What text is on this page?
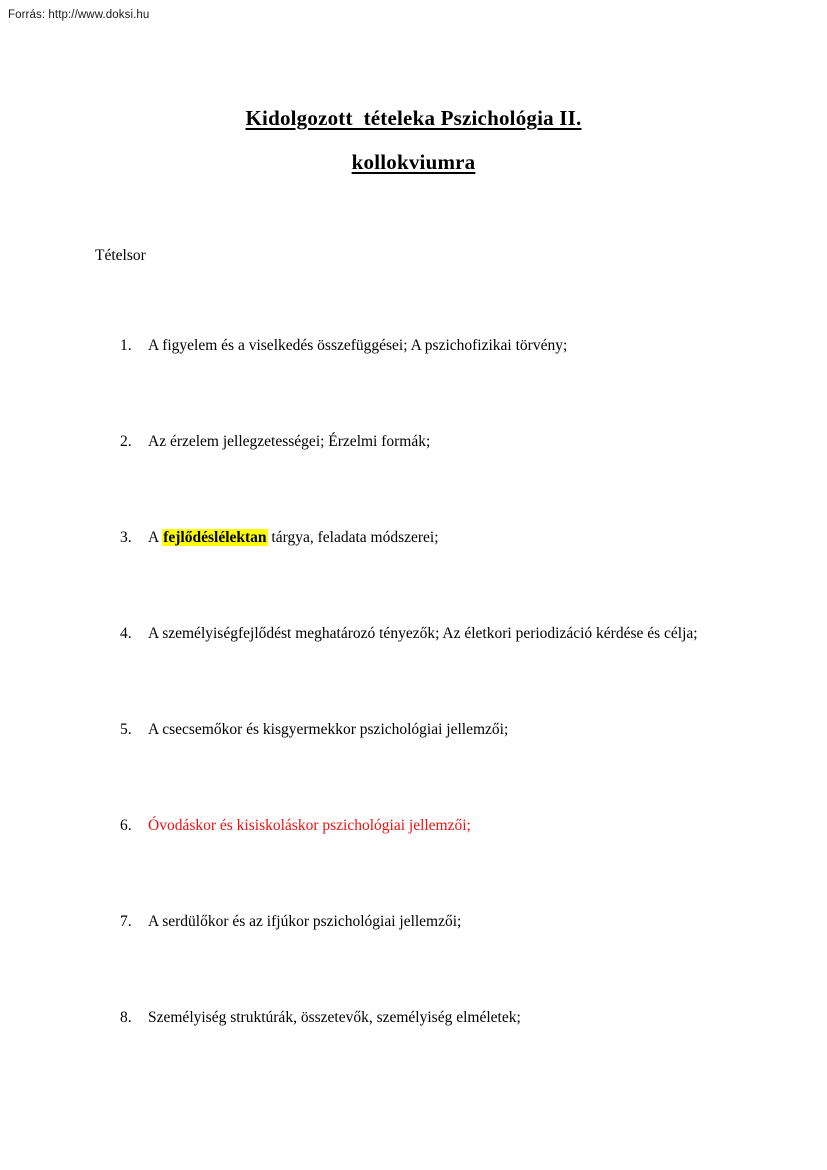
Forrás: http://www.doksi.hu
Kidolgozott  tételeka Pszichológia II.
kollokviumra
Tételsor
1.	A figyelem és a viselkedés összefüggései; A pszichofizikai törvény;
2.	Az érzelem jellegzetességei; Érzelmi formák;
3.	A fejlődéslélektan tárgya, feladata módszerei;
4.	A személyiségfejlődést meghatározó tényezők; Az életkori periodizáció kérdése és célja;
5.	A csecsemőkor és kisgyermekkor pszichológiai jellemzői;
6.	Óvodáskor és kisiskoláskor pszichológiai jellemzői;
7.	A serdülőkor és az ifjúkor pszichológiai jellemzői;
8.	Személyiség struktúrák, összetevők, személyiség elméletek;
